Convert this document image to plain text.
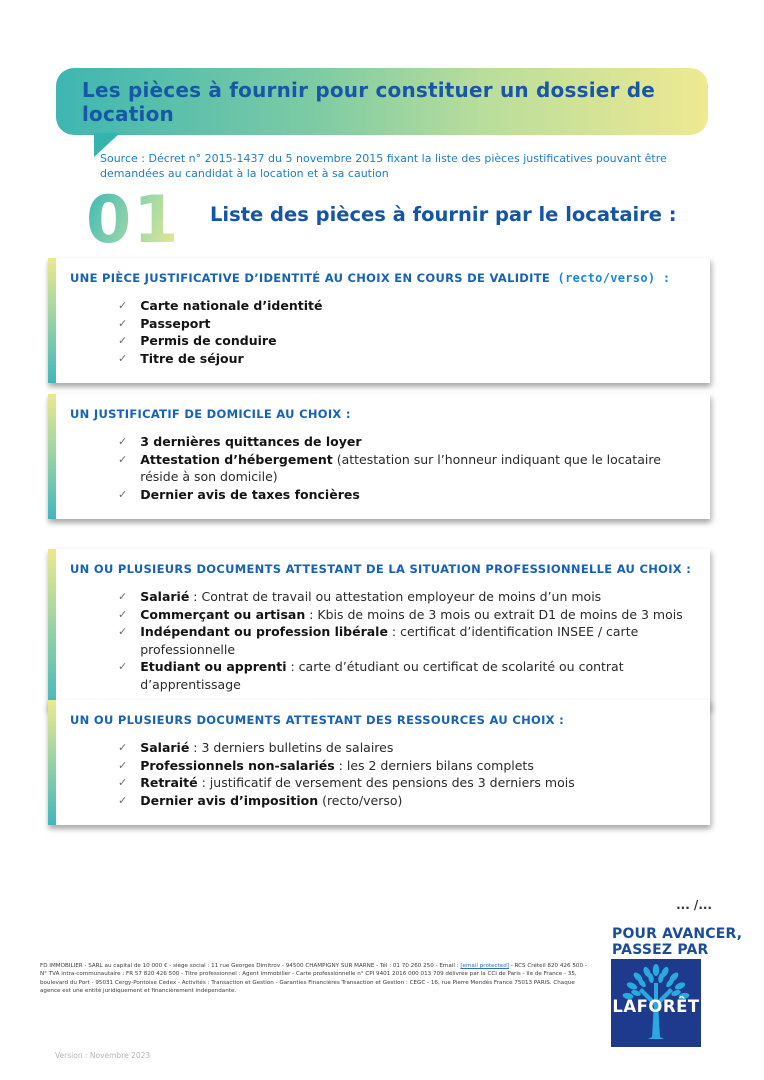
Les pièces à fournir pour constituer un dossier de location

Source : Décret n° 2015-1437 du 5 novembre 2015 fixant la liste des pièces justificatives pouvant être demandées au candidat à la location et à sa caution

01 Liste des pièces à fournir par le locataire :
UNE PIÈCE JUSTIFICATIVE D’IDENTITÉ AU CHOIX EN COURS DE VALIDITE (recto/verso) :
✓ Carte nationale d’identité
✓ Passeport
✓ Permis de conduire
✓ Titre de séjour
UN JUSTIFICATIF DE DOMICILE AU CHOIX :
✓ 3 dernières quittances de loyer
✓ Attestation d’hébergement (attestation sur l’honneur indiquant que le locataire réside à son domicile)
✓ Dernier avis de taxes foncières
UN OU PLUSIEURS DOCUMENTS ATTESTANT DE LA SITUATION PROFESSIONNELLE AU CHOIX :
✓ Salarié : Contrat de travail ou attestation employeur de moins d’un mois
✓ Commerçant ou artisan : Kbis de moins de 3 mois ou extrait D1 de moins de 3 mois
✓ Indépendant ou profession libérale : certificat d’identification INSEE / carte professionnelle
✓ Etudiant ou apprenti : carte d’étudiant ou certificat de scolarité ou contrat d’apprentissage
UN OU PLUSIEURS DOCUMENTS ATTESTANT DES RESSOURCES AU CHOIX :
✓ Salarié : 3 derniers bulletins de salaires
✓ Professionnels non-salariés : les 2 derniers bilans complets
✓ Retraité : justificatif de versement des pensions des 3 derniers mois
✓ Dernier avis d’imposition (recto/verso)
... /...
POUR AVANCER,
PASSEZ PAR
LAFORÊT

FD IMMOBILIER - SARL au capital de 10 000 € - siège social : 11 rue Georges Dimitrov - 94500 CHAMPIGNY SUR MARNE - Tél : 01 70 260 250 - Email : [email protected] - RCS Créteil 820 426 500 - N° TVA intra-communautaire : FR 57 820 426 500 - Titre professionnel : Agent immobilier - Carte professionnelle n° CPI 9401 2016 000 013 709 délivrée par la CCI de Paris - Ile de France - 35, boulevard du Port - 95031 Cergy-Pontoise Cedex - Activités : Transaction et Gestion - Garanties Financières Transaction et Gestion : CEGC - 16, rue Pierre Mendès France 75013 PARIS. Chaque agence est une entité juridiquement et financièrement indépendante.

Version : Novembre 2023
